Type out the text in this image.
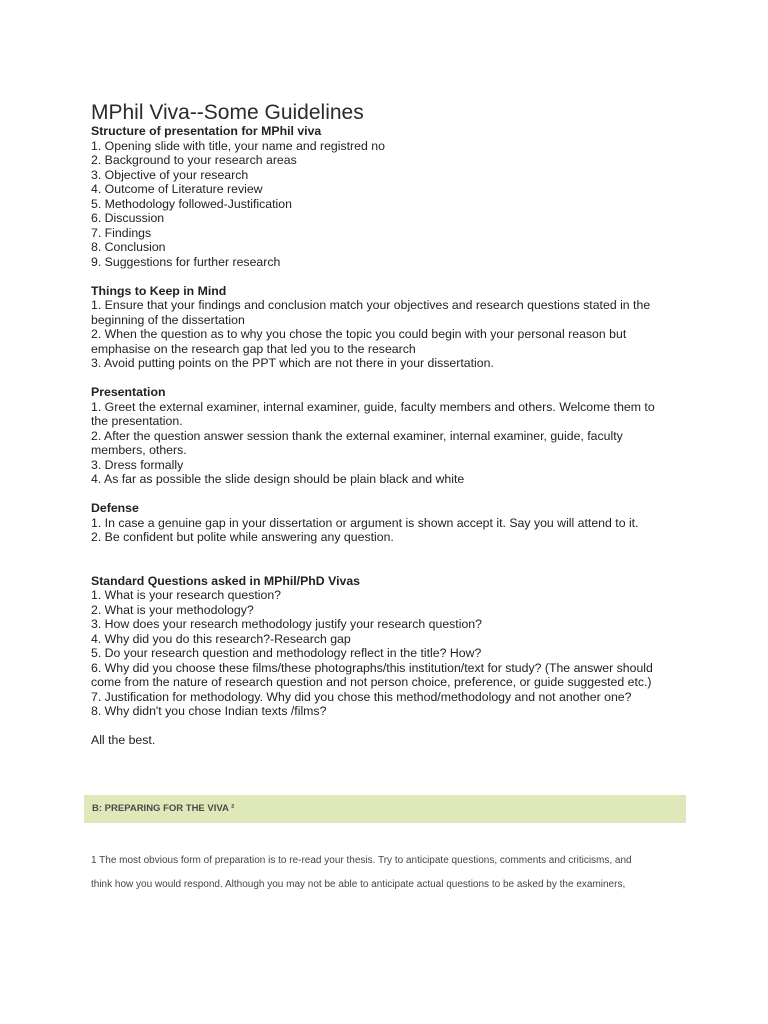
MPhil Viva--Some Guidelines

Structure of presentation for MPhil viva

1. Opening slide with title, your name and registred no

2. Background to your research areas

3. Objective of your research

4. Outcome of Literature review

5. Methodology followed-Justification

6. Discussion

7. Findings

8. Conclusion

9. Suggestions for further research

Things to Keep in Mind

1. Ensure that your findings and conclusion match your objectives and research questions stated in the

beginning of the dissertation

2. When the question as to why you chose the topic you could begin with your personal reason but

emphasise on the research gap that led you to the research

3. Avoid putting points on the PPT which are not there in your dissertation.

Presentation

1. Greet the external examiner, internal examiner, guide, faculty members and others. Welcome them to

the presentation.

2. After the question answer session thank the external examiner, internal examiner, guide, faculty

members, others.

3. Dress formally

4. As far as possible the slide design should be plain black and white

Defense

1. In case a genuine gap in your dissertation or argument is shown accept it. Say you will attend to it.

2. Be confident but polite while answering any question.

Standard Questions asked in MPhil/PhD Vivas

1. What is your research question?

2. What is your methodology?

3. How does your research methodology justify your research question?

4. Why did you do this research?-Research gap

5. Do your research question and methodology reflect in the title? How?

6. Why did you choose these films/these photographs/this institution/text for study? (The answer should

come from the nature of research question and not person choice, preference, or guide suggested etc.)

7. Justification for methodology. Why did you chose this method/methodology and not another one?

8. Why didn't you chose Indian texts /films?

All the best.

B: PREPARING FOR THE VIVA ²

1 The most obvious form of preparation is to re-read your thesis. Try to anticipate questions, comments and criticisms, and

think how you would respond. Although you may not be able to anticipate actual questions to be asked by the examiners,
